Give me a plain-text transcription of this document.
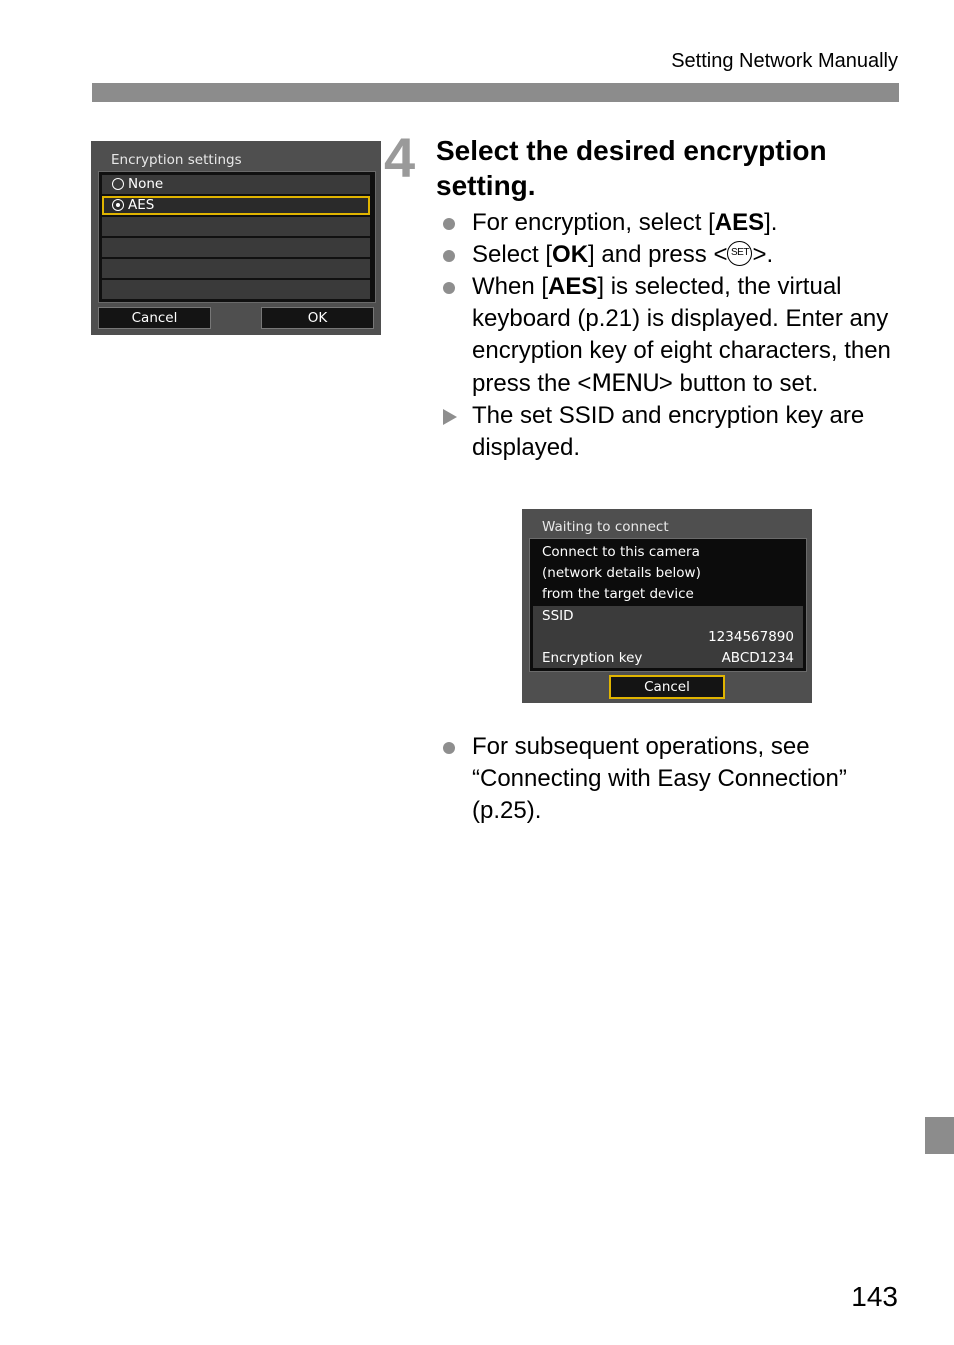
Setting Network Manually
Encryption settings
None
AES
Cancel	OK
4 Select the desired encryption setting.
For encryption, select [AES].
Select [OK] and press < SET >.
When [AES] is selected, the virtual keyboard (p.21) is displayed. Enter any encryption key of eight characters, then press the <MENU> button to set.
The set SSID and encryption key are displayed.
Waiting to connect
Connect to this camera
(network details below)
from the target device
SSID
1234567890
Encryption key	ABCD1234
Cancel
For subsequent operations, see “Connecting with Easy Connection” (p.25).
143
